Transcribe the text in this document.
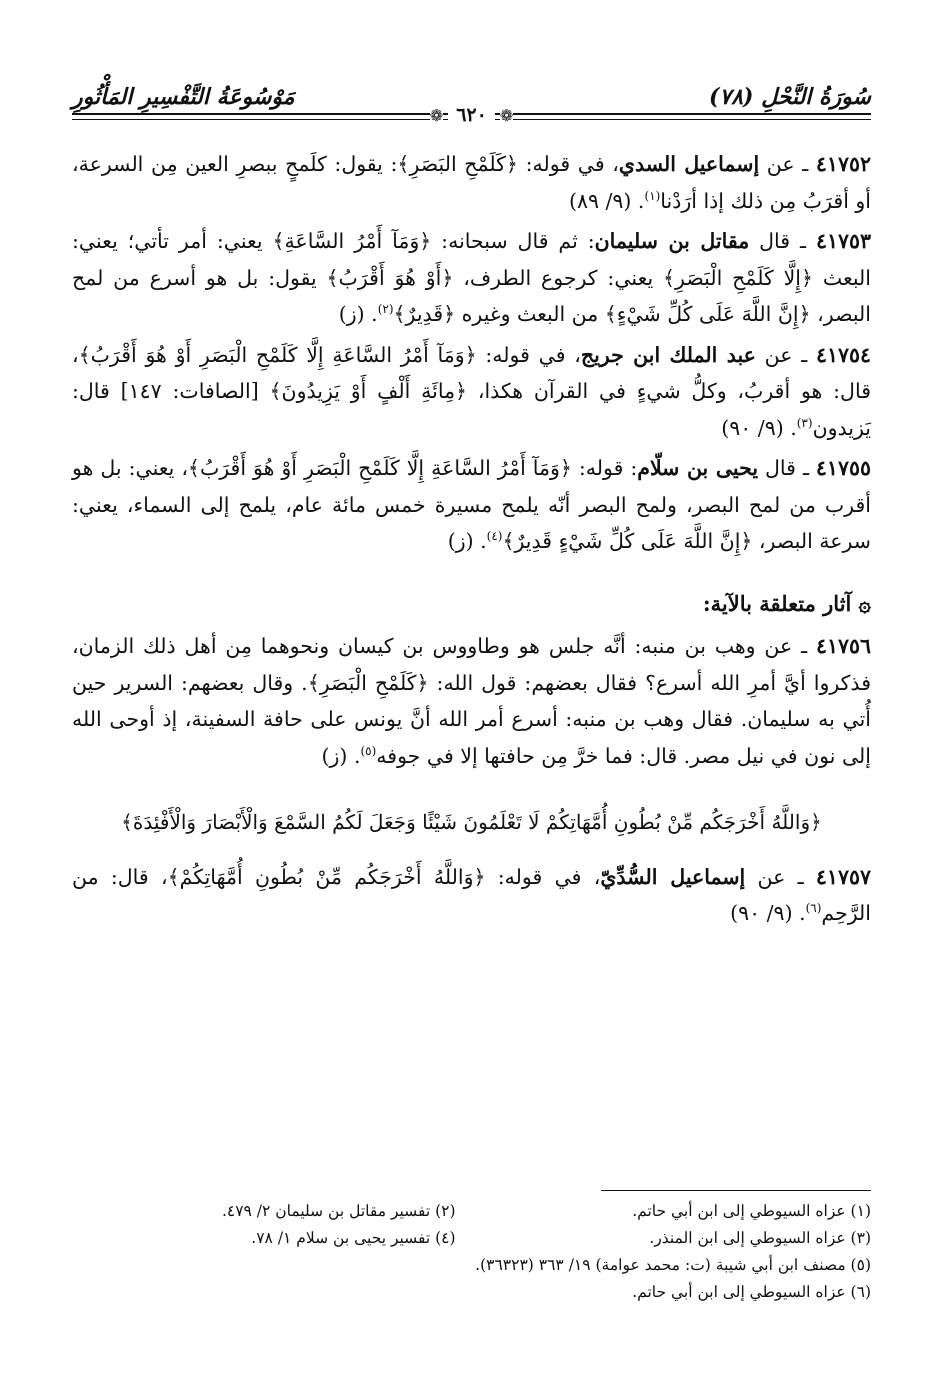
سُورَةُ النَّحْلِ (٧٨)
مَوْسُوعَةُ التَّفْسِيرِ المَأْثُورِ
❁ ٦٢٠ ❁

٤١٧٥٢ ـ عن إسماعيل السدي، في قوله: ﴿كَلَمْحِ البَصَرِ﴾: يقول: كلَمحٍ ببصرِ العين مِن السرعة، أو أقرَبُ مِن ذلك إذا أرَدْنا$^{(١)}$. (٩/ ٨٩)

٤١٧٥٣ ـ قال مقاتل بن سليمان: ثم قال سبحانه: ﴿وَمَآ أَمْرُ السَّاعَةِ﴾ يعني: أمر تأتي؛ يعني: البعث ﴿إِلَّا كَلَمْحِ الْبَصَرِ﴾ يعني: كرجوع الطرف، ﴿أَوْ هُوَ أَقْرَبُ﴾ يقول: بل هو أسرع من لمح البصر، ﴿إِنَّ اللَّهَ عَلَى كُلِّ شَيْءٍ﴾ من البعث وغيره ﴿قَدِيرٌ﴾$^{(٢)}$. (ز)

٤١٧٥٤ ـ عن عبد الملك ابن جريج، في قوله: ﴿وَمَآ أَمْرُ السَّاعَةِ إِلَّا كَلَمْحِ الْبَصَرِ أَوْ هُوَ أَقْرَبُ﴾، قال: هو أقربُ، وكلُّ شيءٍ في القرآن هكذا، ﴿مِائَةِ أَلْفٍ أَوْ يَزِيدُونَ﴾ [الصافات: ١٤٧] قال: يَزيدون$^{(٣)}$. (٩/ ٩٠)

٤١٧٥٥ ـ قال يحيى بن سلّام: قوله: ﴿وَمَآ أَمْرُ السَّاعَةِ إِلَّا كَلَمْحِ الْبَصَرِ أَوْ هُوَ أَقْرَبُ﴾، يعني: بل هو أقرب من لمح البصر، ولمح البصر أنّه يلمح مسيرة خمس مائة عام، يلمح إلى السماء، يعني: سرعة البصر، ﴿إِنَّ اللَّهَ عَلَى كُلِّ شَيْءٍ قَدِيرٌ﴾$^{(٤)}$. (ز)

۞ آثار متعلقة بالآية:

٤١٧٥٦ ـ عن وهب بن منبه: أنَّه جلس هو وطاووس بن كيسان ونحوهما مِن أهل ذلك الزمان، فذكروا أيَّ أمرِ الله أسرع؟ فقال بعضهم: قول الله: ﴿كَلَمْحِ الْبَصَرِ﴾. وقال بعضهم: السرير حين أُتي به سليمان. فقال وهب بن منبه: أسرع أمر الله أنَّ يونس على حافة السفينة، إذ أوحى الله إلى نون في نيل مصر. قال: فما خرَّ مِن حافتها إلا في جوفه$^{(٥)}$. (ز)

﴿وَاللَّهُ أَخْرَجَكُم مِّنْ بُطُونِ أُمَّهَاتِكُمْ لَا تَعْلَمُونَ شَيْئًا وَجَعَلَ لَكُمُ السَّمْعَ وَالْأَبْصَارَ وَالْأَفْئِدَةَ﴾

٤١٧٥٧ ـ عن إسماعيل السُّدِّيّ، في قوله: ﴿وَاللَّهُ أَخْرَجَكُم مِّنْ بُطُونِ أُمَّهَاتِكُمْ﴾، قال: من الرَّحِم$^{(٦)}$. (٩/ ٩٠)

(١) عزاه السيوطي إلى ابن أبي حاتم.
(٢) تفسير مقاتل بن سليمان ٢/ ٤٧٩.
(٣) عزاه السيوطي إلى ابن المنذر.
(٤) تفسير يحيى بن سلام ١/ ٧٨.
(٥) مصنف ابن أبي شيبة (ت: محمد عوامة) ١٩/ ٣٦٣ (٣٦٣٢٣).
(٦) عزاه السيوطي إلى ابن أبي حاتم.
